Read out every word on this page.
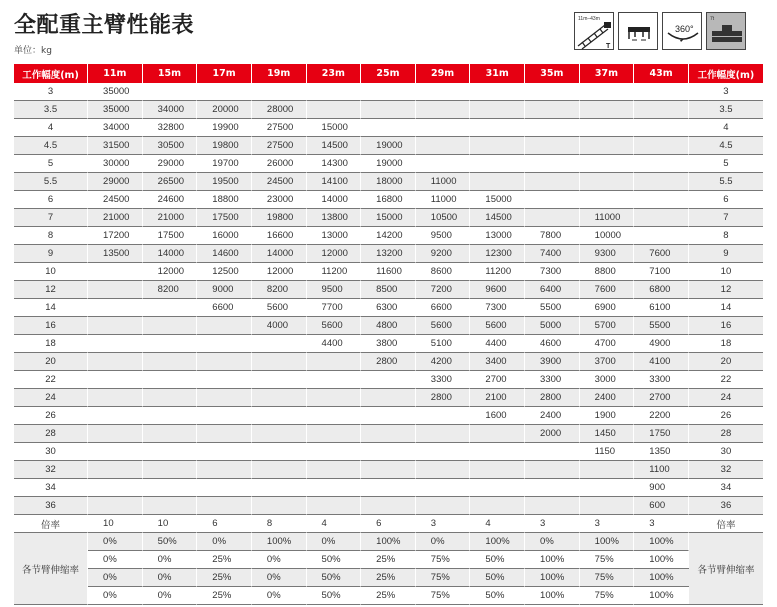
全配重主臂性能表
单位：kg
11m–43m
T
360°
7t
工作幅度(m)	11m	15m	17m	19m	23m	25m	29m	31m	35m	37m	43m	工作幅度(m)
3	35000											3
3.5	35000	34000	20000	28000								3.5
4	34000	32800	19900	27500	15000							4
4.5	31500	30500	19800	27500	14500	19000						4.5
5	30000	29000	19700	26000	14300	19000						5
5.5	29000	26500	19500	24500	14100	18000	11000					5.5
6	24500	24600	18800	23000	14000	16800	11000	15000				6
7	21000	21000	17500	19800	13800	15000	10500	14500		11000		7
8	17200	17500	16000	16600	13000	14200	9500	13000	7800	10000		8
9	13500	14000	14600	14000	12000	13200	9200	12300	7400	9300	7600	9
10		12000	12500	12000	11200	11600	8600	11200	7300	8800	7100	10
12		8200	9000	8200	9500	8500	7200	9600	6400	7600	6800	12
14			6600	5600	7700	6300	6600	7300	5500	6900	6100	14
16				4000	5600	4800	5600	5600	5000	5700	5500	16
18					4400	3800	5100	4400	4600	4700	4900	18
20						2800	4200	3400	3900	3700	4100	20
22							3300	2700	3300	3000	3300	22
24							2800	2100	2800	2400	2700	24
26								1600	2400	1900	2200	26
28									2000	1450	1750	28
30										1150	1350	30
32											1100	32
34											900	34
36											600	36
倍率	10	10	6	8	4	6	3	4	3	3	3	倍率
各节臂伸缩率	0%	50%	0%	100%	0%	100%	0%	100%	0%	100%	100%	各节臂伸缩率
	0%	0%	25%	0%	50%	25%	75%	50%	100%	75%	100%	
	0%	0%	25%	0%	50%	25%	75%	50%	100%	75%	100%	
	0%	0%	25%	0%	50%	25%	75%	50%	100%	75%	100%	
